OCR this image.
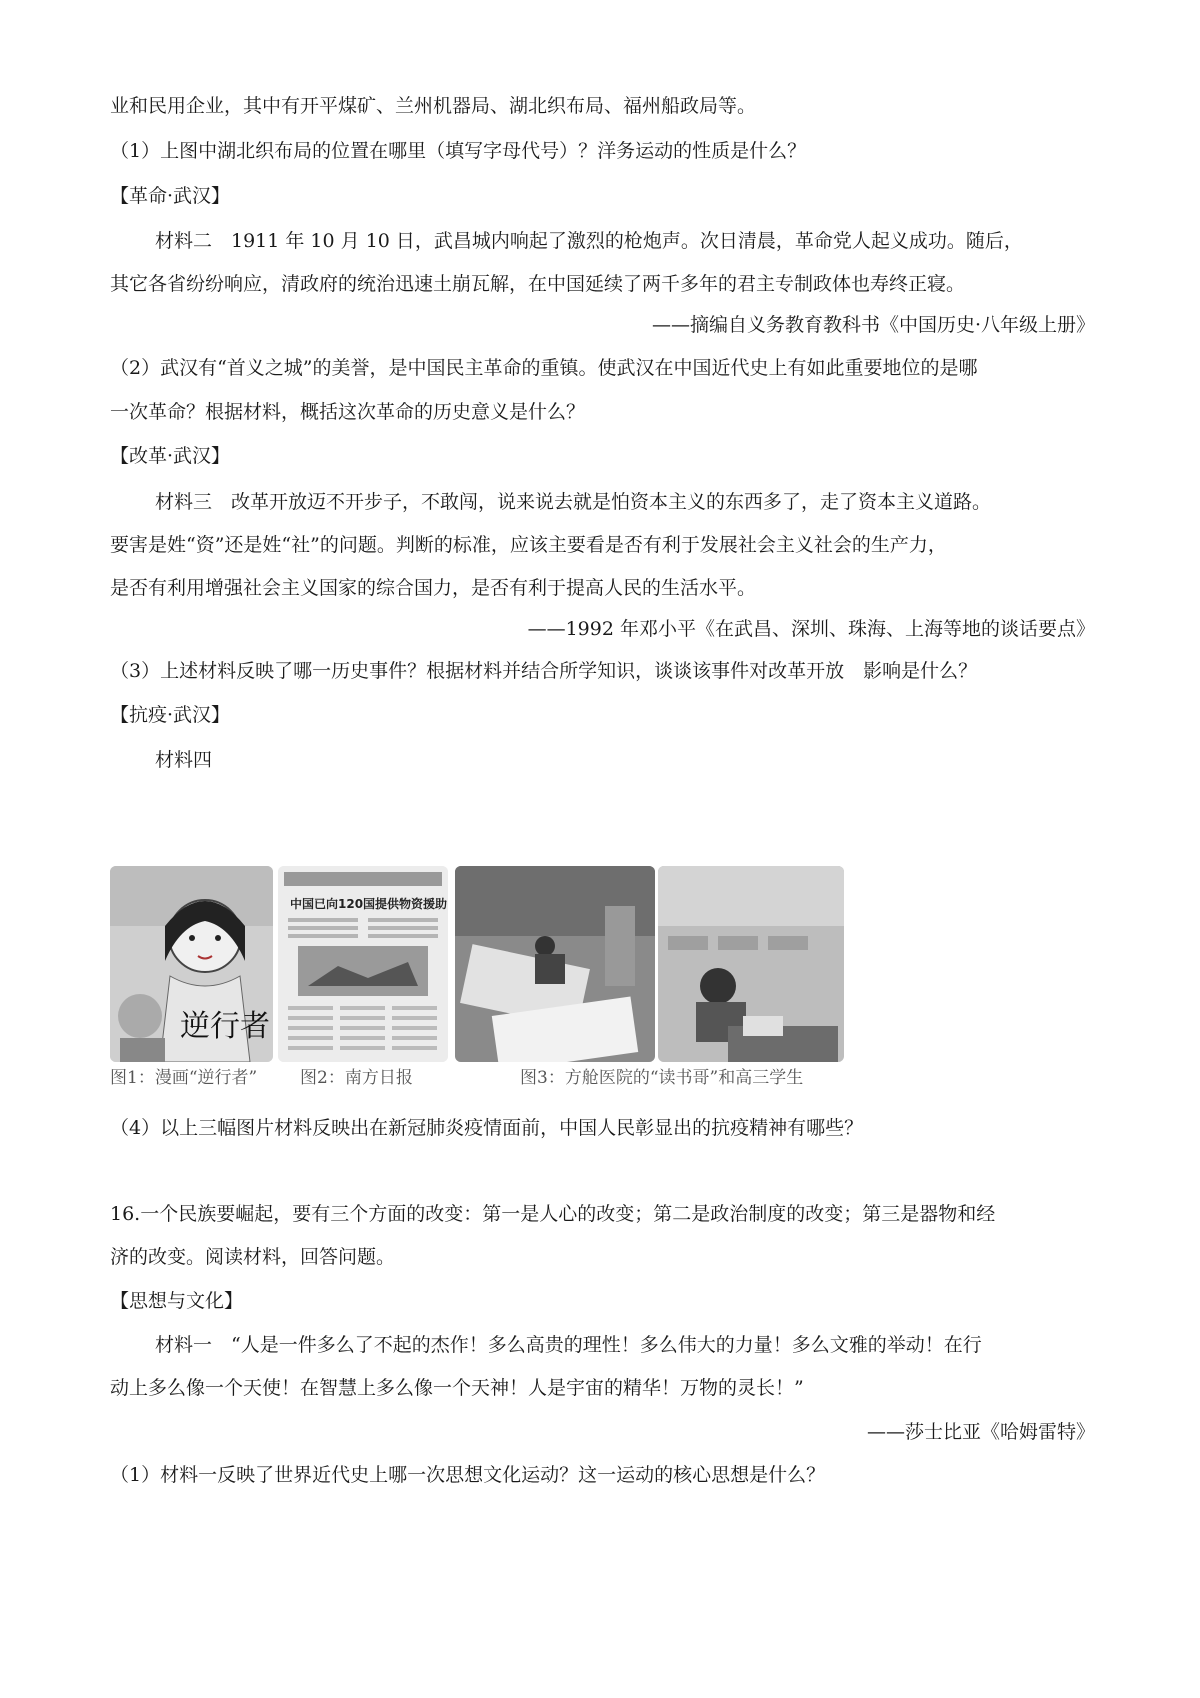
业和民用企业，其中有开平煤矿、兰州机器局、湖北织布局、福州船政局等。
（1）上图中湖北织布局的位置在哪里（填写字母代号）？洋务运动的性质是什么？
【革命·武汉】
材料二　1911 年 10 月 10 日，武昌城内响起了激烈的枪炮声。次日清晨，革命党人起义成功。随后，
其它各省纷纷响应，清政府的统治迅速土崩瓦解，在中国延续了两千多年的君主专制政体也寿终正寝。
——摘编自义务教育教科书《中国历史·八年级上册》
（2）武汉有“首义之城”的美誉，是中国民主革命的重镇。使武汉在中国近代史上有如此重要地位的是哪
一次革命？根据材料，概括这次革命的历史意义是什么？
【改革·武汉】
材料三　改革开放迈不开步子，不敢闯，说来说去就是怕资本主义的东西多了，走了资本主义道路。
要害是姓“资”还是姓“社”的问题。判断的标准，应该主要看是否有利于发展社会主义社会的生产力，
是否有利用增强社会主义国家的综合国力，是否有利于提高人民的生活水平。
——1992 年邓小平《在武昌、深圳、珠海、上海等地的谈话要点》
（3）上述材料反映了哪一历史事件？根据材料并结合所学知识，谈谈该事件对改革开放　影响是什么？
【抗疫·武汉】
材料四
逆行者
中国已向120国提供物资援助
图1：漫画“逆行者”	图2：南方日报	图3：方舱医院的“读书哥”和高三学生
（4）以上三幅图片材料反映出在新冠肺炎疫情面前，中国人民彰显出的抗疫精神有哪些？
16.一个民族要崛起，要有三个方面的改变：第一是人心的改变；第二是政治制度的改变；第三是器物和经
济的改变。阅读材料，回答问题。
【思想与文化】
材料一　“人是一件多么了不起的杰作！多么高贵的理性！多么伟大的力量！多么文雅的举动！在行
动上多么像一个天使！在智慧上多么像一个天神！人是宇宙的精华！万物的灵长！”
——莎士比亚《哈姆雷特》
（1）材料一反映了世界近代史上哪一次思想文化运动？这一运动的核心思想是什么？
